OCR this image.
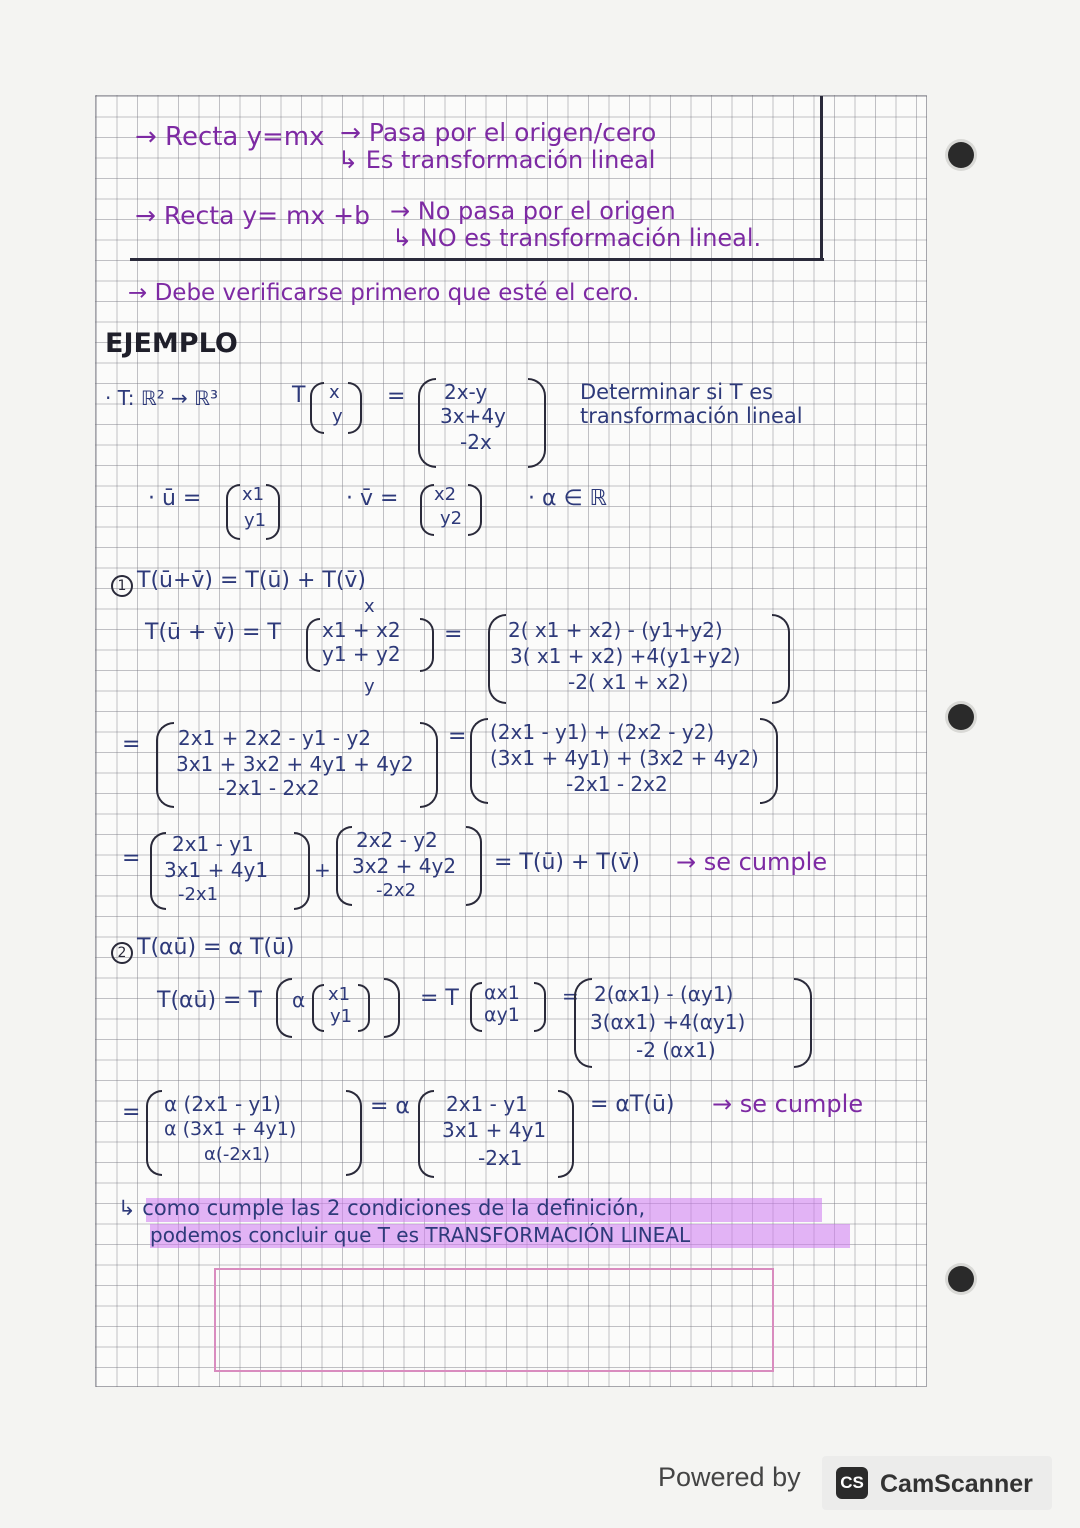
→ Recta y=mx → Pasa por el origen/cero
↳ Es transformación lineal
→ Recta y= mx +b → No pasa por el origen
↳ NO es transformación lineal.
→ Debe verificarse primero que esté el cero.
EJEMPLO
· T: ℝ² → ℝ³	T x
y
= 2x-y
3x+4y
-2x
Determinar si T es
transformación lineal
· ū = x1
y1
· v̄ = x2
y2
· α ∈ ℝ
1 T(ū+v̄) = T(ū) + T(v̄)
x
T(ū + v̄) = T x1 + x2
y1 + y2
y
= 2( x1 + x2) - (y1+y2)
3( x1 + x2) +4(y1+y2)
-2( x1 + x2)
= 2x1 + 2x2 - y1 - y2
3x1 + 3x2 + 4y1 + 4y2
-2x1 - 2x2
= (2x1 - y1) + (2x2 - y2)
(3x1 + 4y1) + (3x2 + 4y2)
-2x1 - 2x2
=
2x1 - y1
3x1 + 4y1
-2x1
+
2x2 - y2
3x2 + 4y2
-2x2
= T(ū) + T(v̄) → se cumple
2 T(αū) = α T(ū)
T(αū) = T α x1
y1
= T αx1
αy1
= 2(αx1) - (αy1)
3(αx1) +4(αy1)
-2 (αx1)
= α (2x1 - y1)
α (3x1 + 4y1)
α(-2x1)
= α 2x1 - y1
3x1 + 4y1
-2x1
= αT(ū) → se cumple
↳ como cumple las 2 condiciones de la definición,
podemos concluir que T es TRANSFORMACIÓN LINEAL
Powered by CS CamScanner
